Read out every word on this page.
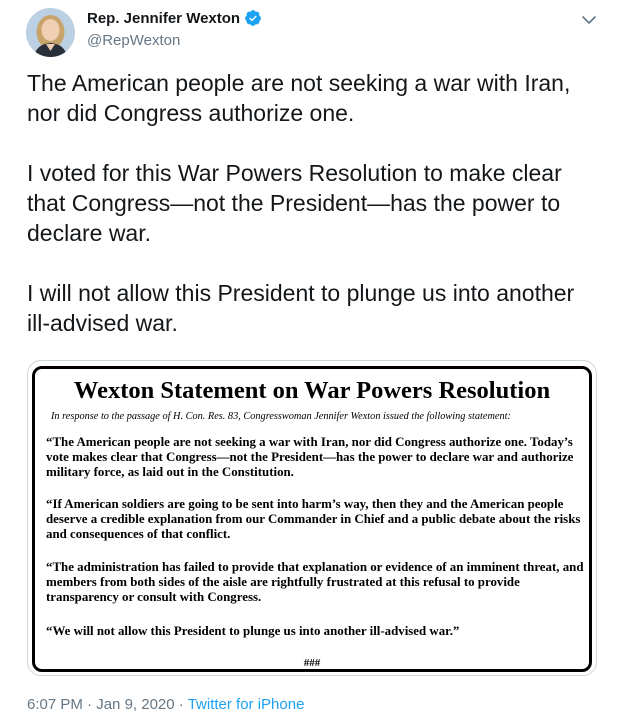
Rep. Jennifer Wexton
@RepWexton

The American people are not seeking a war with Iran, nor did Congress authorize one.

I voted for this War Powers Resolution to make clear that Congress—not the President—has the power to declare war.

I will not allow this President to plunge us into another ill-advised war.

Wexton Statement on War Powers Resolution
In response to the passage of H. Con. Res. 83, Congresswoman Jennifer Wexton issued the following statement:
“The American people are not seeking a war with Iran, nor did Congress authorize one. Today’s vote makes clear that Congress—not the President—has the power to declare war and authorize military force, as laid out in the Constitution.
“If American soldiers are going to be sent into harm’s way, then they and the American people deserve a credible explanation from our Commander in Chief and a public debate about the risks and consequences of that conflict.
“The administration has failed to provide that explanation or evidence of an imminent threat, and members from both sides of the aisle are rightfully frustrated at this refusal to provide transparency or consult with Congress.
“We will not allow this President to plunge us into another ill-advised war.”
###
6:07 PM · Jan 9, 2020 · Twitter for iPhone
